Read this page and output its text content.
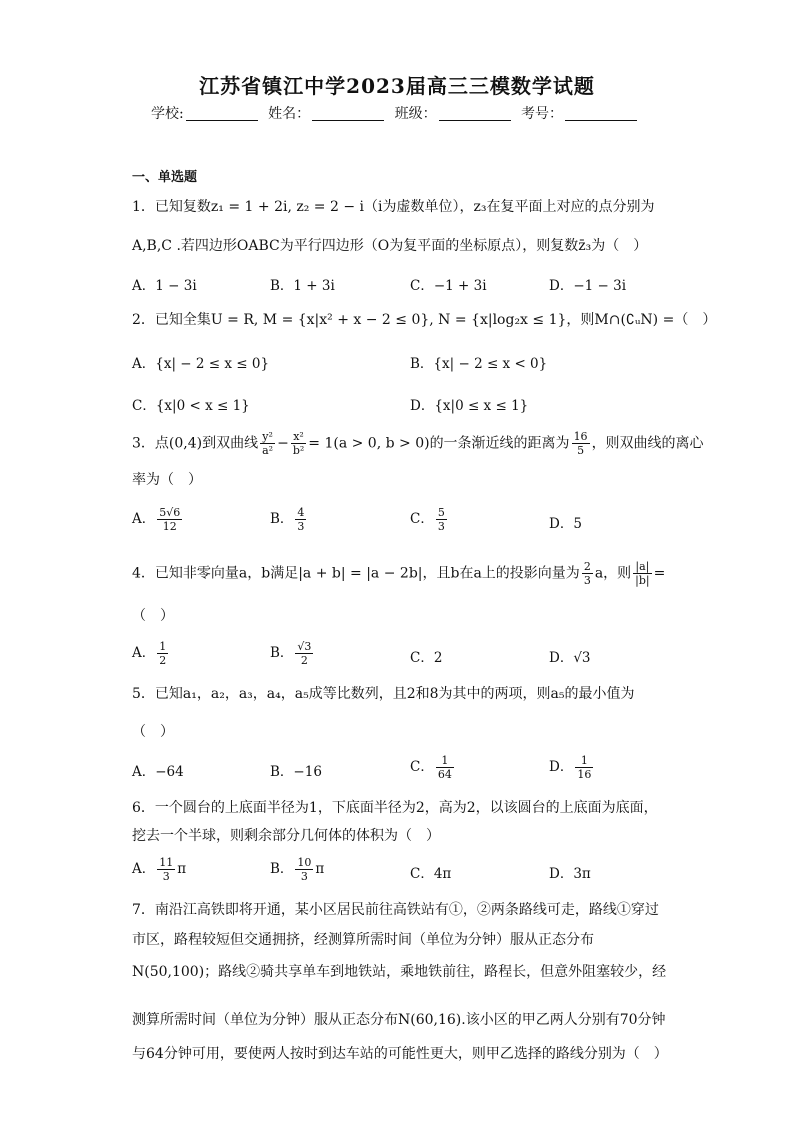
江苏省镇江中学2023届高三三模数学试题
学校:	姓名：	班级：	考号：
一、单选题
1．已知复数z₁ = 1 + 2i, z₂ = 2 − i（i为虚数单位），z₃在复平面上对应的点分别为
A,B,C .若四边形OABC为平行四边形（O为复平面的坐标原点），则复数z̄₃为（　）
A．1 − 3i	B．1 + 3i	C．−1 + 3i	D．−1 − 3i
2．已知全集U = R, M = {x|x² + x − 2 ≤ 0}, N = {x|log₂x ≤ 1}，则M∩(∁ᵤN) =（　）
A．{x| − 2 ≤ x ≤ 0}	B．{x| − 2 ≤ x < 0}
C．{x|0 < x ≤ 1}	D．{x|0 ≤ x ≤ 1}
3．点(0,4)到双曲线 $\frac{\text{y²}}{\text{a²}} - \frac{\text{x²}}{\text{b²}} = 1(a > 0$, b > 0)的一条渐近线的距离为 $\frac{16}{5}$ ，则双曲线的离心
率为（　）
A． $\frac{5√6}{12}$	B． $\frac{4}{3}$	C． $\frac{5}{3}$	D．5
4．已知非零向量a，b满足|a + b| = |a − 2b|，且b在a上的投影向量为 $\frac{2}{3}$ a，则 $\frac{|a|}{|b|}$ =
（　）
A． $\frac{1}{2}$	B． $\frac{√3}{2}$	C．2	D．√3
5．已知a₁，a₂，a₃，a₄，a₅成等比数列，且2和8为其中的两项，则a₅的最小值为
（　）
A．−64	B．−16	C． $\frac{1}{64}$	D． $\frac{1}{16}$
6．一个圆台的上底面半径为1，下底面半径为2，高为2，以该圆台的上底面为底面，
挖去一个半球，则剩余部分几何体的体积为（　）
A． $\frac{11}{3}$ π	B． $\frac{10}{3}$ π	C．4π	D．3π
7．南沿江高铁即将开通，某小区居民前往高铁站有①，②两条路线可走，路线①穿过
市区，路程较短但交通拥挤，经测算所需时间（单位为分钟）服从正态分布
N(50,100)；路线②骑共享单车到地铁站，乘地铁前往，路程长，但意外阻塞较少，经
测算所需时间（单位为分钟）服从正态分布N(60,16).该小区的甲乙两人分别有70分钟
与64分钟可用，要使两人按时到达车站的可能性更大，则甲乙选择的路线分别为（　）
